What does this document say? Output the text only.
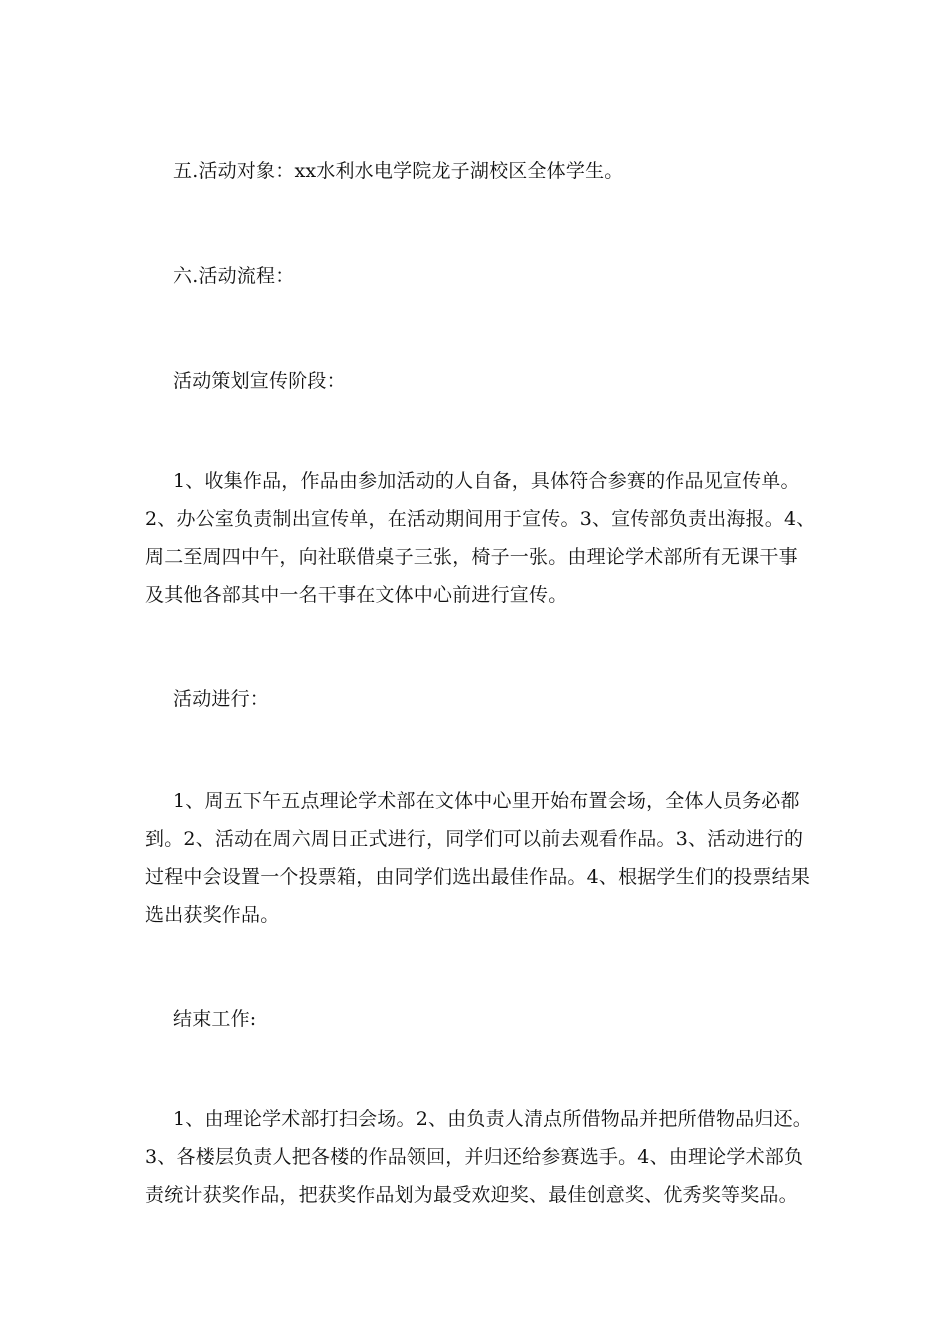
五.活动对象：xx水利水电学院龙子湖校区全体学生。
六.活动流程：
活动策划宣传阶段：
1、收集作品，作品由参加活动的人自备，具体符合参赛的作品见宣传单。
2、办公室负责制出宣传单，在活动期间用于宣传。3、宣传部负责出海报。4、
周二至周四中午，向社联借桌子三张，椅子一张。由理论学术部所有无课干事
及其他各部其中一名干事在文体中心前进行宣传。
活动进行：
1、周五下午五点理论学术部在文体中心里开始布置会场，全体人员务必都
到。2、活动在周六周日正式进行，同学们可以前去观看作品。3、活动进行的
过程中会设置一个投票箱，由同学们选出最佳作品。4、根据学生们的投票结果
选出获奖作品。
结束工作:
1、由理论学术部打扫会场。2、由负责人清点所借物品并把所借物品归还。
3、各楼层负责人把各楼的作品领回，并归还给参赛选手。4、由理论学术部负
责统计获奖作品，把获奖作品划为最受欢迎奖、最佳创意奖、优秀奖等奖品。
